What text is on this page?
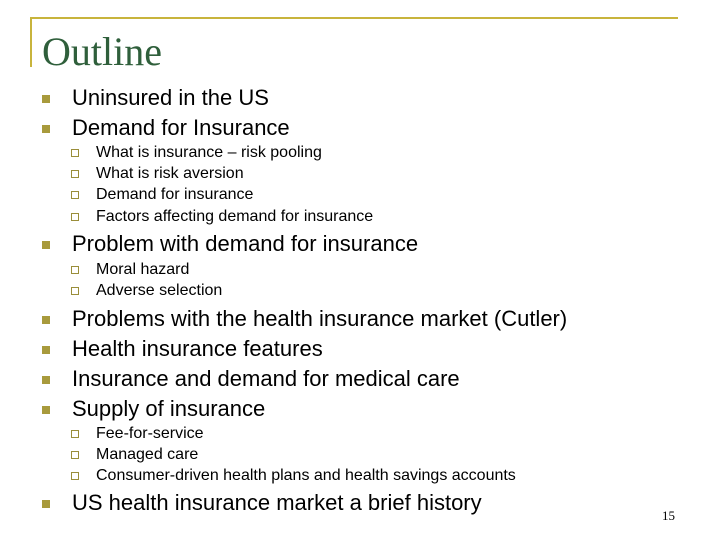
Outline
Uninsured in the US
Demand for Insurance
What is insurance – risk pooling
What is risk aversion
Demand for insurance
Factors affecting demand for insurance
Problem with demand for insurance
Moral hazard
Adverse selection
Problems with the health insurance market (Cutler)
Health insurance features
Insurance and demand for medical care
Supply of insurance
Fee-for-service
Managed care
Consumer-driven health plans and health savings accounts
US health insurance market a brief history
15
